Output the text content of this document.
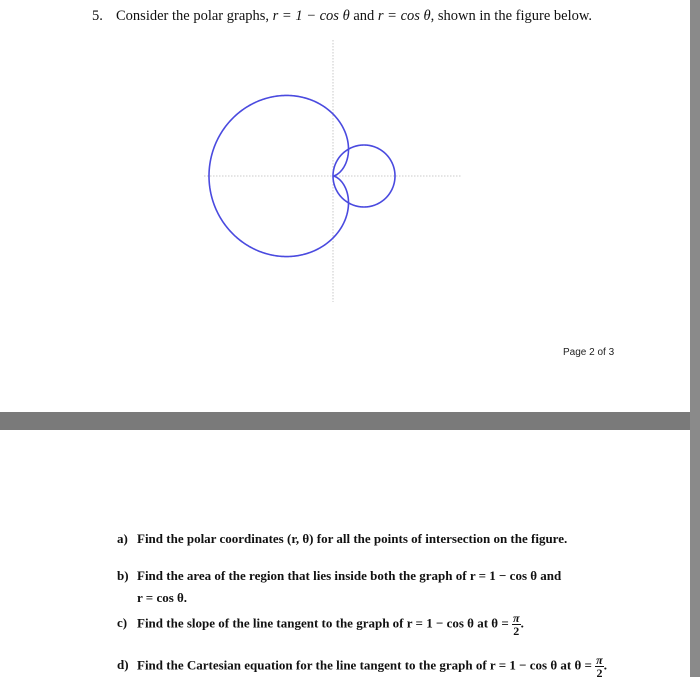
5. Consider the polar graphs, r = 1 − cos θ and r = cos θ, shown in the figure below.
Page 2 of 3
a) Find the polar coordinates (r, θ) for all the points of intersection on the figure.
b) Find the area of the region that lies inside both the graph of r = 1 − cos θ and
r = cos θ.
c) Find the slope of the line tangent to the graph of r = 1 − cos θ at $\theta = \frac{\pi}{2}$ .
d) Find the Cartesian equation for the line tangent to the graph of r = 1 − cos θ at $\theta = \frac{\pi}{2}$ .
